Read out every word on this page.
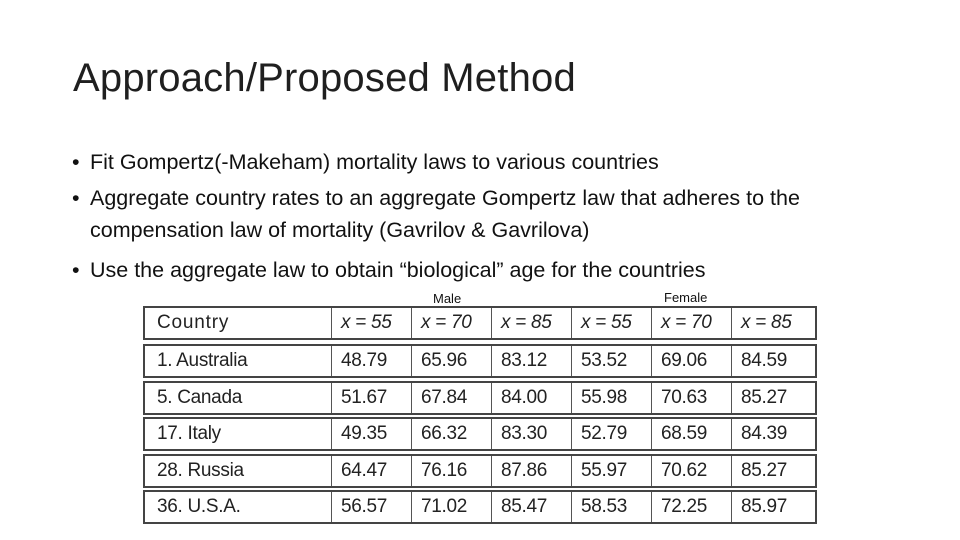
Approach/Proposed Method
• Fit Gompertz(-Makeham) mortality laws to various countries
• Aggregate country rates to an aggregate Gompertz law that adheres to the compensation law of mortality (Gavrilov & Gavrilova)
• Use the aggregate law to obtain “biological” age for the countries
Male	Female
Country	x = 55	x = 70	x = 85	x = 55	x = 70	x = 85
1. Australia	48.79	65.96	83.12	53.52	69.06	84.59
5. Canada	51.67	67.84	84.00	55.98	70.63	85.27
17. Italy	49.35	66.32	83.30	52.79	68.59	84.39
28. Russia	64.47	76.16	87.86	55.97	70.62	85.27
36. U.S.A.	56.57	71.02	85.47	58.53	72.25	85.97
